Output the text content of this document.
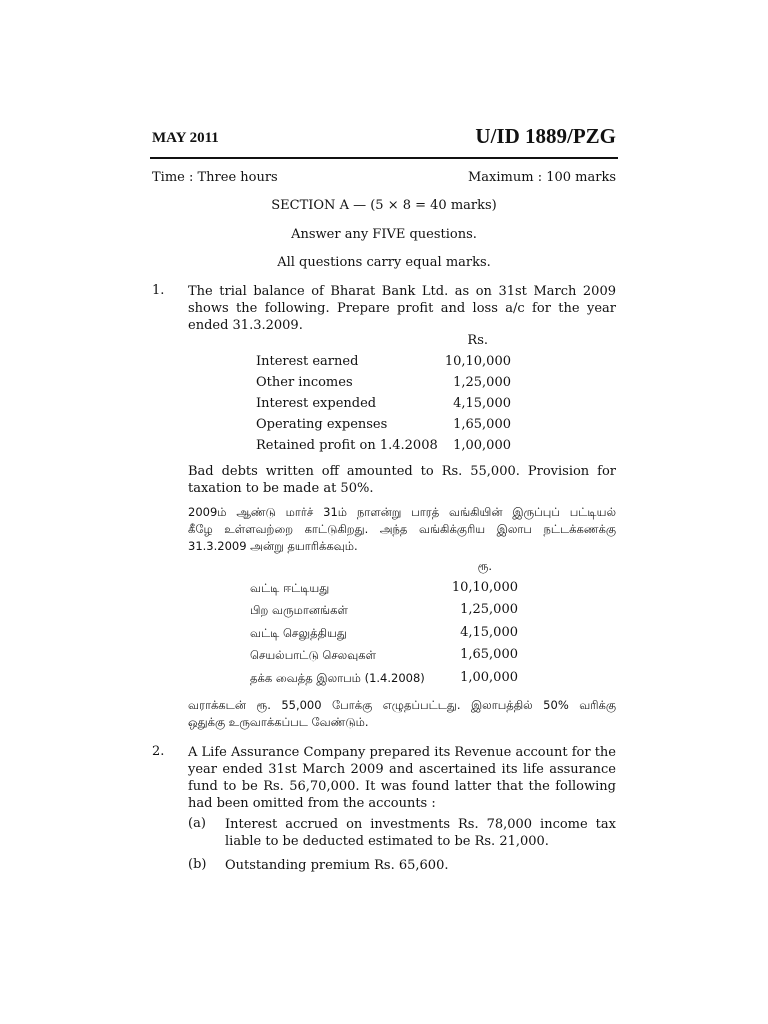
MAY 2011	U/ID 1889/PZG
Time : Three hours	Maximum : 100 marks
SECTION A — (5 × 8 = 40 marks)
Answer any FIVE questions.
All questions carry equal marks.
1. The trial balance of Bharat Bank Ltd. as on 31st March 2009
shows the following. Prepare profit and loss a/c for the year
ended 31.3.2009.
Rs.
Interest earned	10,10,000
Other incomes	1,25,000
Interest expended	4,15,000
Operating expenses	1,65,000
Retained profit on 1.4.2008	1,00,000
Bad debts written off amounted to Rs. 55,000. Provision for
taxation to be made at 50%.
2009ம் ஆண்டு மார்ச் 31ம் நாளன்று பாரத் வங்கியின் இருப்புப் பட்டியல்
கீழே உள்ளவற்றை காட்டுகிறது. அந்த வங்கிக்குரிய இலாப நட்டக்கணக்கு
31.3.2009 அன்று தயாரிக்கவும்.
ரூ.
வட்டி ஈட்டியது	10,10,000
பிற வருமானங்கள்	1,25,000
வட்டி செலுத்தியது	4,15,000
செயல்பாட்டு செலவுகள்	1,65,000
தக்க வைத்த இலாபம் (1.4.2008)	1,00,000
வராக்கடன் ரூ. 55,000 போக்கு எழுதப்பட்டது. இலாபத்தில் 50% வரிக்கு
ஒதுக்கு உருவாக்கப்பட வேண்டும்.
2. A Life Assurance Company prepared its Revenue account for the
year ended 31st March 2009 and ascertained its life assurance
fund to be Rs. 56,70,000. It was found latter that the following
had been omitted from the accounts :
(a) Interest accrued on investments Rs. 78,000 income tax
liable to be deducted estimated to be Rs. 21,000.
(b) Outstanding premium Rs. 65,600.
